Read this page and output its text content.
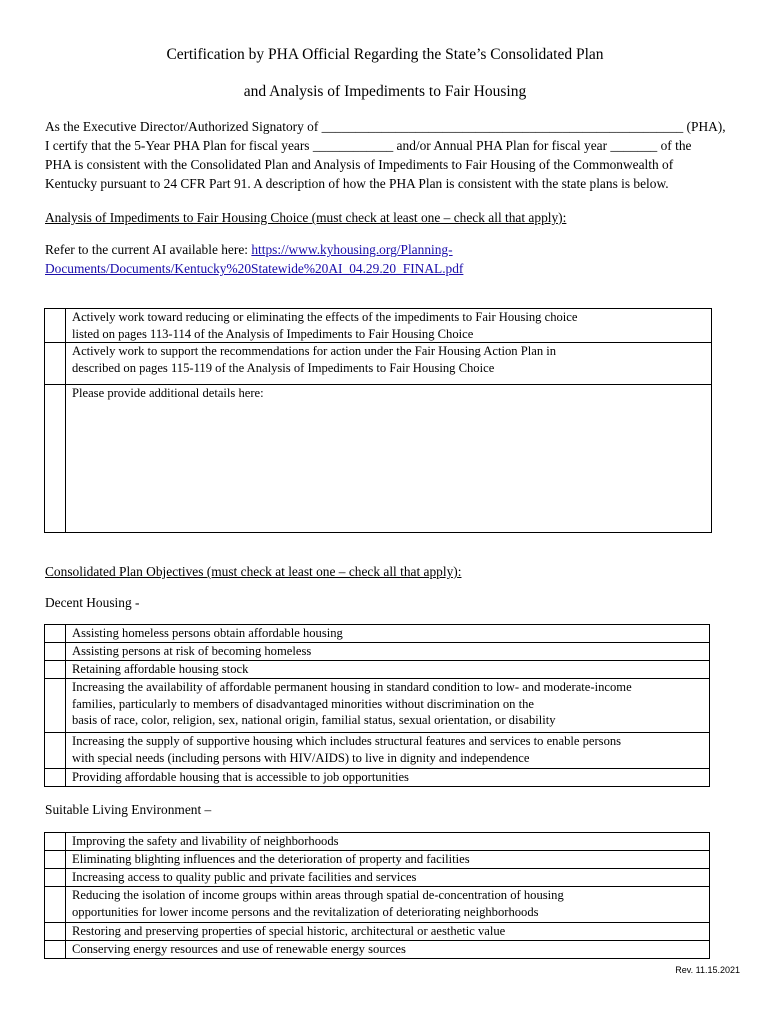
Certification by PHA Official Regarding the State’s Consolidated Plan
and Analysis of Impediments to Fair Housing
As the Executive Director/Authorized Signatory of ______________________________________________________ (PHA),
I certify that the 5-Year PHA Plan for fiscal years ____________ and/or Annual PHA Plan for fiscal year _______ of the
PHA is consistent with the Consolidated Plan and Analysis of Impediments to Fair Housing of the Commonwealth of
Kentucky pursuant to 24 CFR Part 91. A description of how the PHA Plan is consistent with the state plans is below.
Analysis of Impediments to Fair Housing Choice (must check at least one – check all that apply):
Refer to the current AI available here: https://www.kyhousing.org/Planning-
Documents/Documents/Kentucky%20Statewide%20AI_04.29.20_FINAL.pdf
	Actively work toward reducing or eliminating the effects of the impediments to Fair Housing choice
listed on pages 113-114 of the Analysis of Impediments to Fair Housing Choice
	Actively work to support the recommendations for action under the Fair Housing Action Plan in
described on pages 115-119 of the Analysis of Impediments to Fair Housing Choice
	Please provide additional details here:
Consolidated Plan Objectives (must check at least one – check all that apply):
Decent Housing -
	Assisting homeless persons obtain affordable housing
	Assisting persons at risk of becoming homeless
	Retaining affordable housing stock
	Increasing the availability of affordable permanent housing in standard condition to low- and moderate-income
families, particularly to members of disadvantaged minorities without discrimination on the
basis of race, color, religion, sex, national origin, familial status, sexual orientation, or disability
	Increasing the supply of supportive housing which includes structural features and services to enable persons
with special needs (including persons with HIV/AIDS) to live in dignity and independence
	Providing affordable housing that is accessible to job opportunities
Suitable Living Environment –
	Improving the safety and livability of neighborhoods
	Eliminating blighting influences and the deterioration of property and facilities
	Increasing access to quality public and private facilities and services
	Reducing the isolation of income groups within areas through spatial de-concentration of housing
opportunities for lower income persons and the revitalization of deteriorating neighborhoods
	Restoring and preserving properties of special historic, architectural or aesthetic value
	Conserving energy resources and use of renewable energy sources
Rev. 11.15.2021
